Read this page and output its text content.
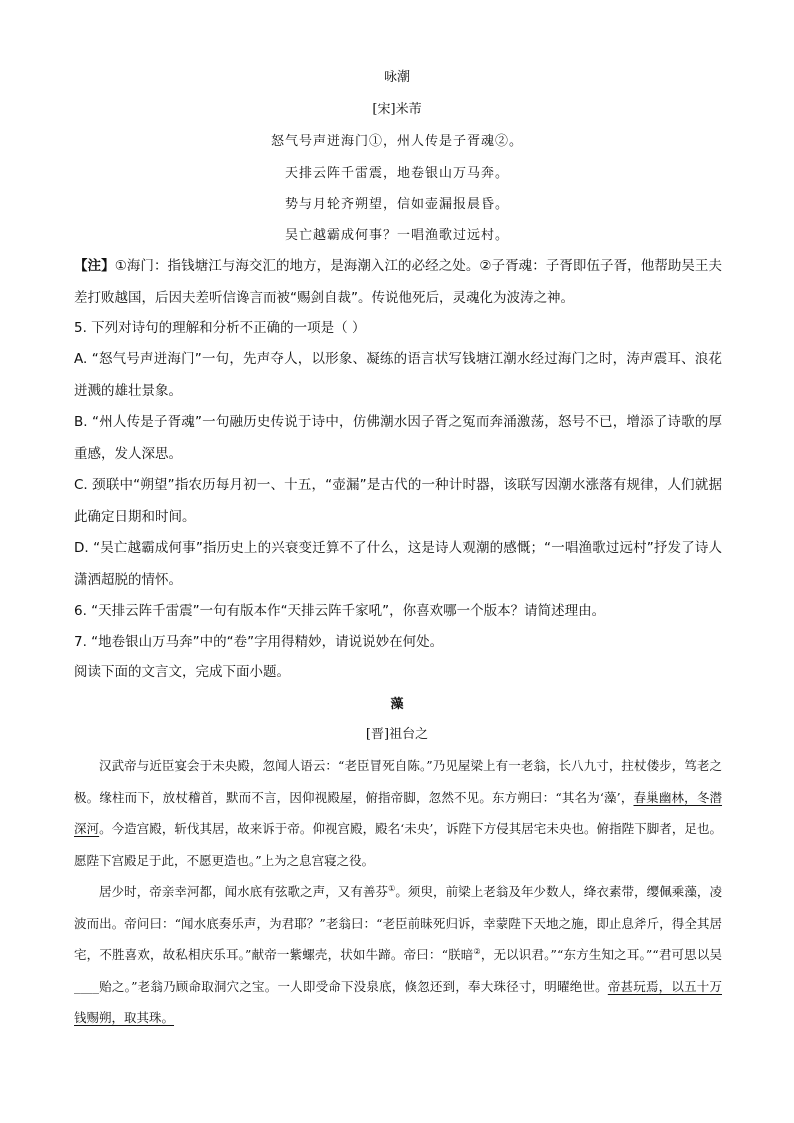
咏潮
[宋]米芾
怒气号声迸海门①，州人传是子胥魂②。
天排云阵千雷震，地卷银山万马奔。
势与月轮齐朔望，信如壶漏报晨昏。
吴亡越霸成何事？一唱渔歌过远村。
【注】①海门：指钱塘江与海交汇的地方，是海潮入江的必经之处。②子胥魂：子胥即伍子胥，他帮助吴王夫差打败越国，后因夫差听信谗言而被“赐剑自裁”。传说他死后，灵魂化为波涛之神。
5. 下列对诗句的理解和分析不正确的一项是（ ）
A. “怒气号声迸海门”一句，先声夺人，以形象、凝练的语言状写钱塘江潮水经过海门之时，涛声震耳、浪花迸溅的雄壮景象。
B. “州人传是子胥魂”一句融历史传说于诗中，仿佛潮水因子胥之冤而奔涌激荡，怒号不已，增添了诗歌的厚重感，发人深思。
C. 颈联中“朔望”指农历每月初一、十五，“壶漏”是古代的一种计时器，该联写因潮水涨落有规律，人们就据此确定日期和时间。
D. “吴亡越霸成何事”指历史上的兴衰变迁算不了什么，这是诗人观潮的感慨；“一唱渔歌过远村”抒发了诗人潇洒超脱的情怀。
6. “天排云阵千雷震”一句有版本作“天排云阵千家吼”，你喜欢哪一个版本？请简述理由。
7. “地卷银山万马奔”中的“卷”字用得精妙，请说说妙在何处。
阅读下面的文言文，完成下面小题。
藻
[晋]祖台之
汉武帝与近臣宴会于未央殿，忽闻人语云：“老臣冒死自陈。”乃见屋梁上有一老翁，长八九寸，拄杖偻步，笃老之极。缘柱而下，放杖稽首，默而不言，因仰视殿屋，俯指帝脚，忽然不见。东方朔曰：“其名为‘藻’，春巢幽林，冬潜深河。今造宫殿，斩伐其居，故来诉于帝。仰视宫殿，殿名‘未央’，诉陛下方侵其居宅未央也。俯指陛下脚者，足也。愿陛下宫殿足于此，不愿更造也。”上为之息宫寝之役。
居少时，帝亲幸河都，闻水底有弦歌之声，又有善芬①。须臾，前梁上老翁及年少数人，绛衣素带，缨佩乘藻，凌波而出。帝问曰：“闻水底奏乐声，为君耶？”老翁曰：“老臣前昧死归诉，幸蒙陛下天地之施，即止息斧斤，得全其居宅，不胜喜欢，故私相庆乐耳。”献帝一紫螺壳，状如牛蹄。帝曰：“朕暗②，无以识君。”“东方生知之耳。”“君可思以吴____贻之。”老翁乃顾命取洞穴之宝。一人即受命下没泉底，倏忽还到，奉大珠径寸，明曜绝世。帝甚玩焉，以五十万钱赐朔，取其珠。
